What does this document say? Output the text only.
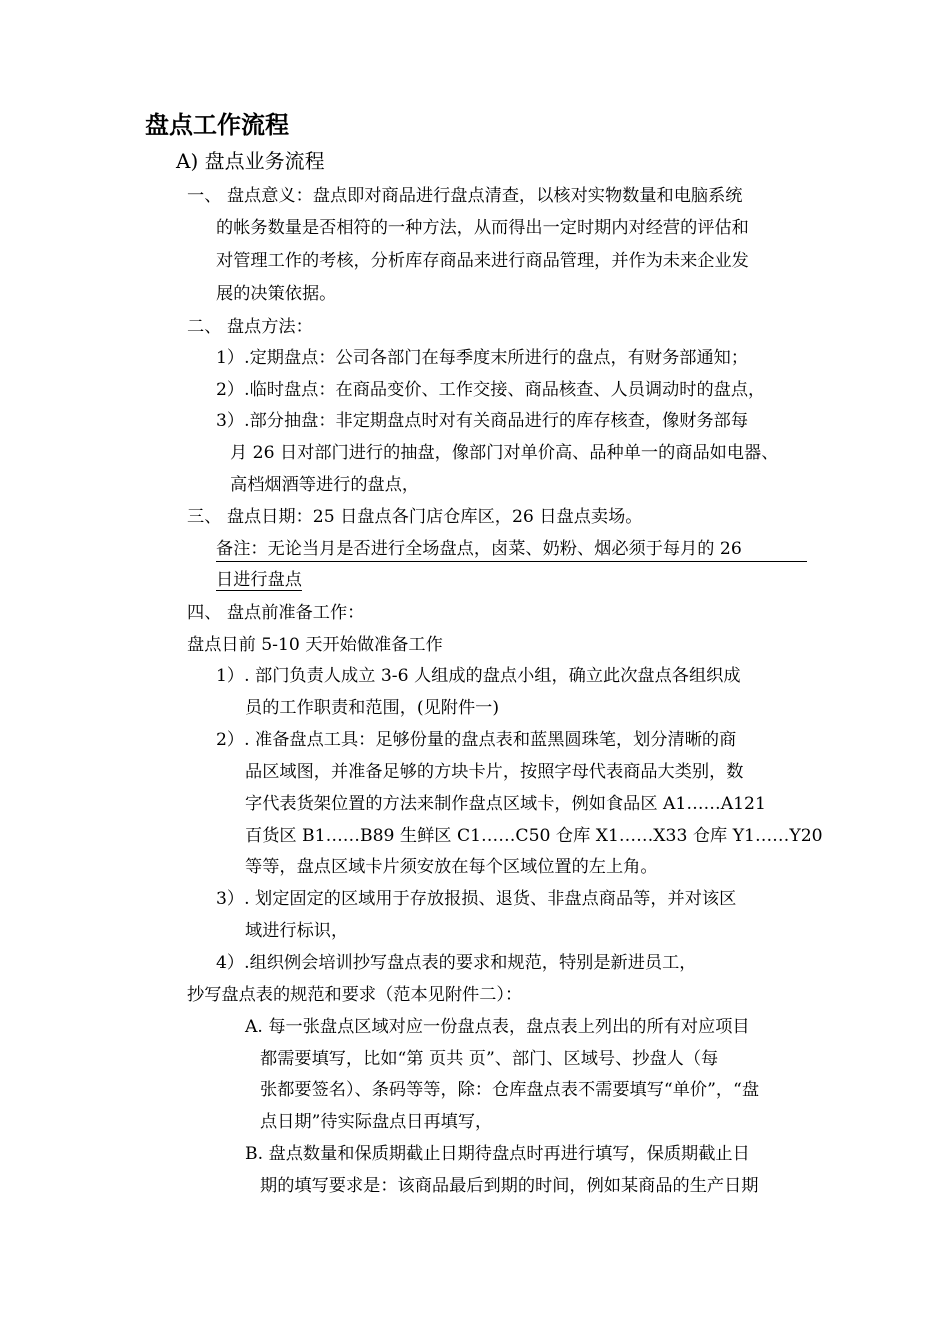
盘点工作流程
A) 盘点业务流程
一、 盘点意义：盘点即对商品进行盘点清查，以核对实物数量和电脑系统
的帐务数量是否相符的一种方法，从而得出一定时期内对经营的评估和
对管理工作的考核，分析库存商品来进行商品管理，并作为未来企业发
展的决策依据。
二、 盘点方法：
1）.定期盘点：公司各部门在每季度末所进行的盘点，有财务部通知；
2）.临时盘点：在商品变价、工作交接、商品核查、人员调动时的盘点，
3）.部分抽盘：非定期盘点时对有关商品进行的库存核查，像财务部每
月 26 日对部门进行的抽盘，像部门对单价高、品种单一的商品如电器、
高档烟酒等进行的盘点，
三、 盘点日期：25 日盘点各门店仓库区，26 日盘点卖场。
备注：无论当月是否进行全场盘点，卤菜、奶粉、烟必须于每月的 26
日进行盘点
四、 盘点前准备工作：
盘点日前 5-10 天开始做准备工作
1）. 部门负责人成立 3-6 人组成的盘点小组，确立此次盘点各组织成
员的工作职责和范围，(见附件一)
2）. 准备盘点工具：足够份量的盘点表和蓝黑圆珠笔，划分清晰的商
品区域图，并准备足够的方块卡片，按照字母代表商品大类别，数
字代表货架位置的方法来制作盘点区域卡，例如食品区 A1……A121
百货区 B1……B89 生鲜区 C1……C50 仓库 X1……X33 仓库 Y1……Y20
等等，盘点区域卡片须安放在每个区域位置的左上角。
3）. 划定固定的区域用于存放报损、退货、非盘点商品等，并对该区
域进行标识，
4）.组织例会培训抄写盘点表的要求和规范，特别是新进员工，
抄写盘点表的规范和要求（范本见附件二）：
A. 每一张盘点区域对应一份盘点表，盘点表上列出的所有对应项目
都需要填写，比如“第 页共 页”、部门、区域号、抄盘人（每
张都要签名）、条码等等，除：仓库盘点表不需要填写“单价”，“盘
点日期”待实际盘点日再填写，
B. 盘点数量和保质期截止日期待盘点时再进行填写，保质期截止日
期的填写要求是：该商品最后到期的时间，例如某商品的生产日期
